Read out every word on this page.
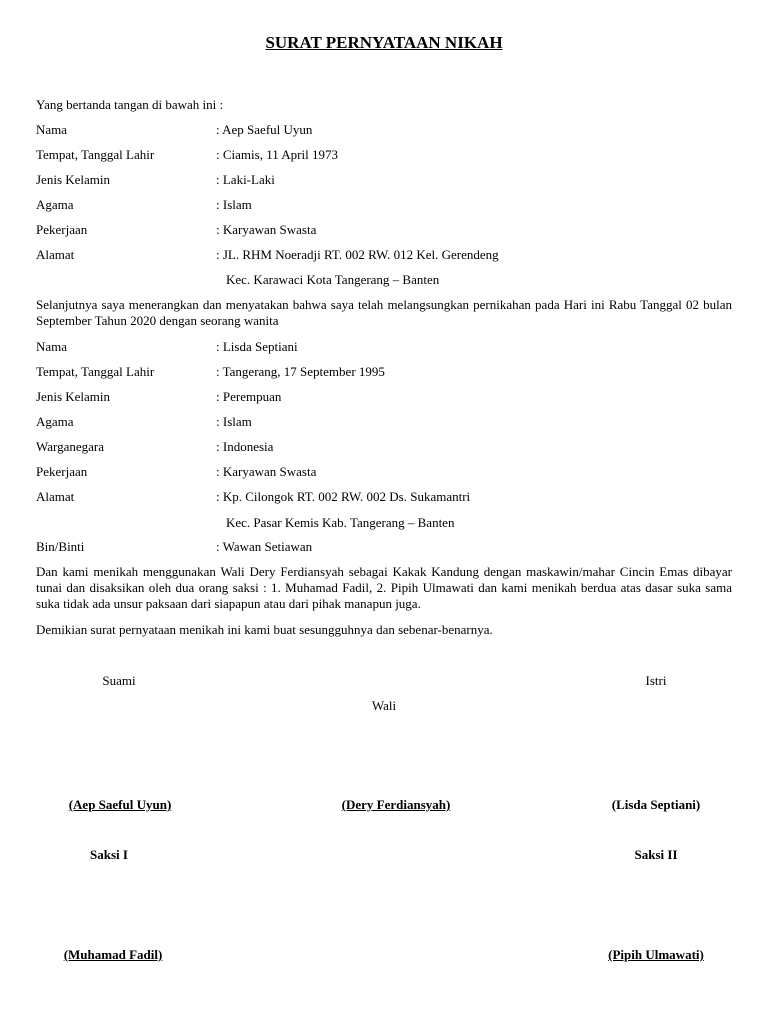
SURAT PERNYATAAN NIKAH
Yang bertanda tangan di bawah ini :
Nama	: Aep Saeful Uyun
Tempat, Tanggal Lahir	: Ciamis, 11 April 1973
Jenis Kelamin	: Laki-Laki
Agama	: Islam
Pekerjaan	: Karyawan Swasta
Alamat	: JL. RHM Noeradji RT. 002 RW. 012 Kel. Gerendeng
Kec. Karawaci Kota Tangerang – Banten
Selanjutnya saya menerangkan dan menyatakan bahwa saya telah melangsungkan pernikahan pada Hari ini Rabu Tanggal 02 bulan September Tahun 2020 dengan seorang wanita
Nama	: Lisda Septiani
Tempat, Tanggal Lahir	: Tangerang, 17 September 1995
Jenis Kelamin	: Perempuan
Agama	: Islam
Warganegara	: Indonesia
Pekerjaan	: Karyawan Swasta
Alamat	: Kp. Cilongok RT. 002 RW. 002 Ds. Sukamantri
Kec. Pasar Kemis Kab. Tangerang – Banten
Bin/Binti	: Wawan Setiawan
Dan kami menikah menggunakan Wali Dery Ferdiansyah sebagai Kakak Kandung dengan maskawin/mahar Cincin Emas dibayar tunai dan disaksikan oleh dua orang saksi : 1. Muhamad Fadil, 2. Pipih Ulmawati dan kami menikah berdua atas dasar suka sama suka tidak ada unsur paksaan dari siapapun atau dari pihak manapun juga.
Demikian surat pernyataan menikah ini kami buat sesungguhnya dan sebenar-benarnya.
Suami	Istri
Wali
(Aep Saeful Uyun)	(Dery Ferdiansyah)	(Lisda Septiani)
Saksi I	Saksi II
(Muhamad Fadil)	(Pipih Ulmawati)
